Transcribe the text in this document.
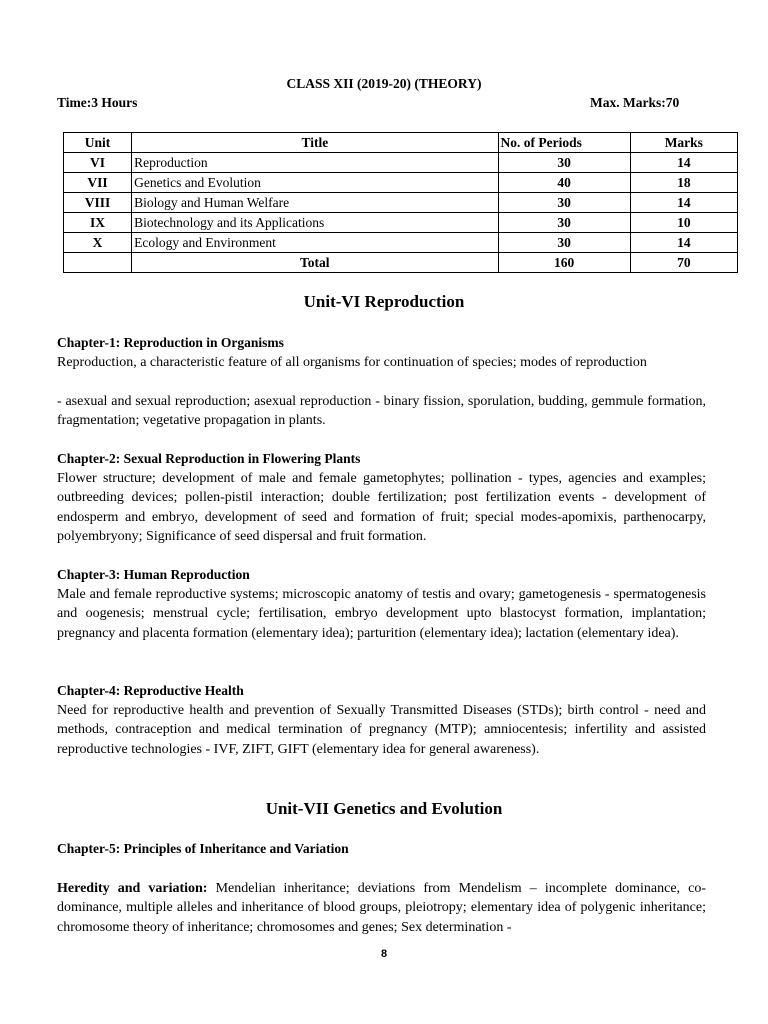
CLASS XII (2019-20) (THEORY)

Time:3 Hours	Max. Marks:70

Unit	Title	No. of Periods	Marks
VI	Reproduction	30	14
VII	Genetics and Evolution	40	18
VIII	Biology and Human Welfare	30	14
IX	Biotechnology and its Applications	30	10
X	Ecology and Environment	30	14
	Total	160	70
Unit-VI Reproduction

Chapter-1: Reproduction in Organisms

Reproduction, a characteristic feature of all organisms for continuation of species; modes of reproduction

- asexual and sexual reproduction; asexual reproduction - binary fission, sporulation, budding, gemmule formation, fragmentation; vegetative propagation in plants.

Chapter-2: Sexual Reproduction in Flowering Plants

Flower structure; development of male and female gametophytes; pollination - types, agencies and examples; outbreeding devices; pollen-pistil interaction; double fertilization; post fertilization events - development of endosperm and embryo, development of seed and formation of fruit; special modes-apomixis, parthenocarpy, polyembryony; Significance of seed dispersal and fruit formation.

Chapter-3: Human Reproduction

Male and female reproductive systems; microscopic anatomy of testis and ovary; gametogenesis - spermatogenesis and oogenesis; menstrual cycle; fertilisation, embryo development upto blastocyst formation, implantation; pregnancy and placenta formation (elementary idea); parturition (elementary idea); lactation (elementary idea).

Chapter-4: Reproductive Health

Need for reproductive health and prevention of Sexually Transmitted Diseases (STDs); birth control - need and methods, contraception and medical termination of pregnancy (MTP); amniocentesis; infertility and assisted reproductive technologies - IVF, ZIFT, GIFT (elementary idea for general awareness).

Unit-VII Genetics and Evolution

Chapter-5: Principles of Inheritance and Variation

Heredity and variation: Mendelian inheritance; deviations from Mendelism – incomplete dominance, co- dominance, multiple alleles and inheritance of blood groups, pleiotropy; elementary idea of polygenic inheritance; chromosome theory of inheritance; chromosomes and genes; Sex determination -

8
